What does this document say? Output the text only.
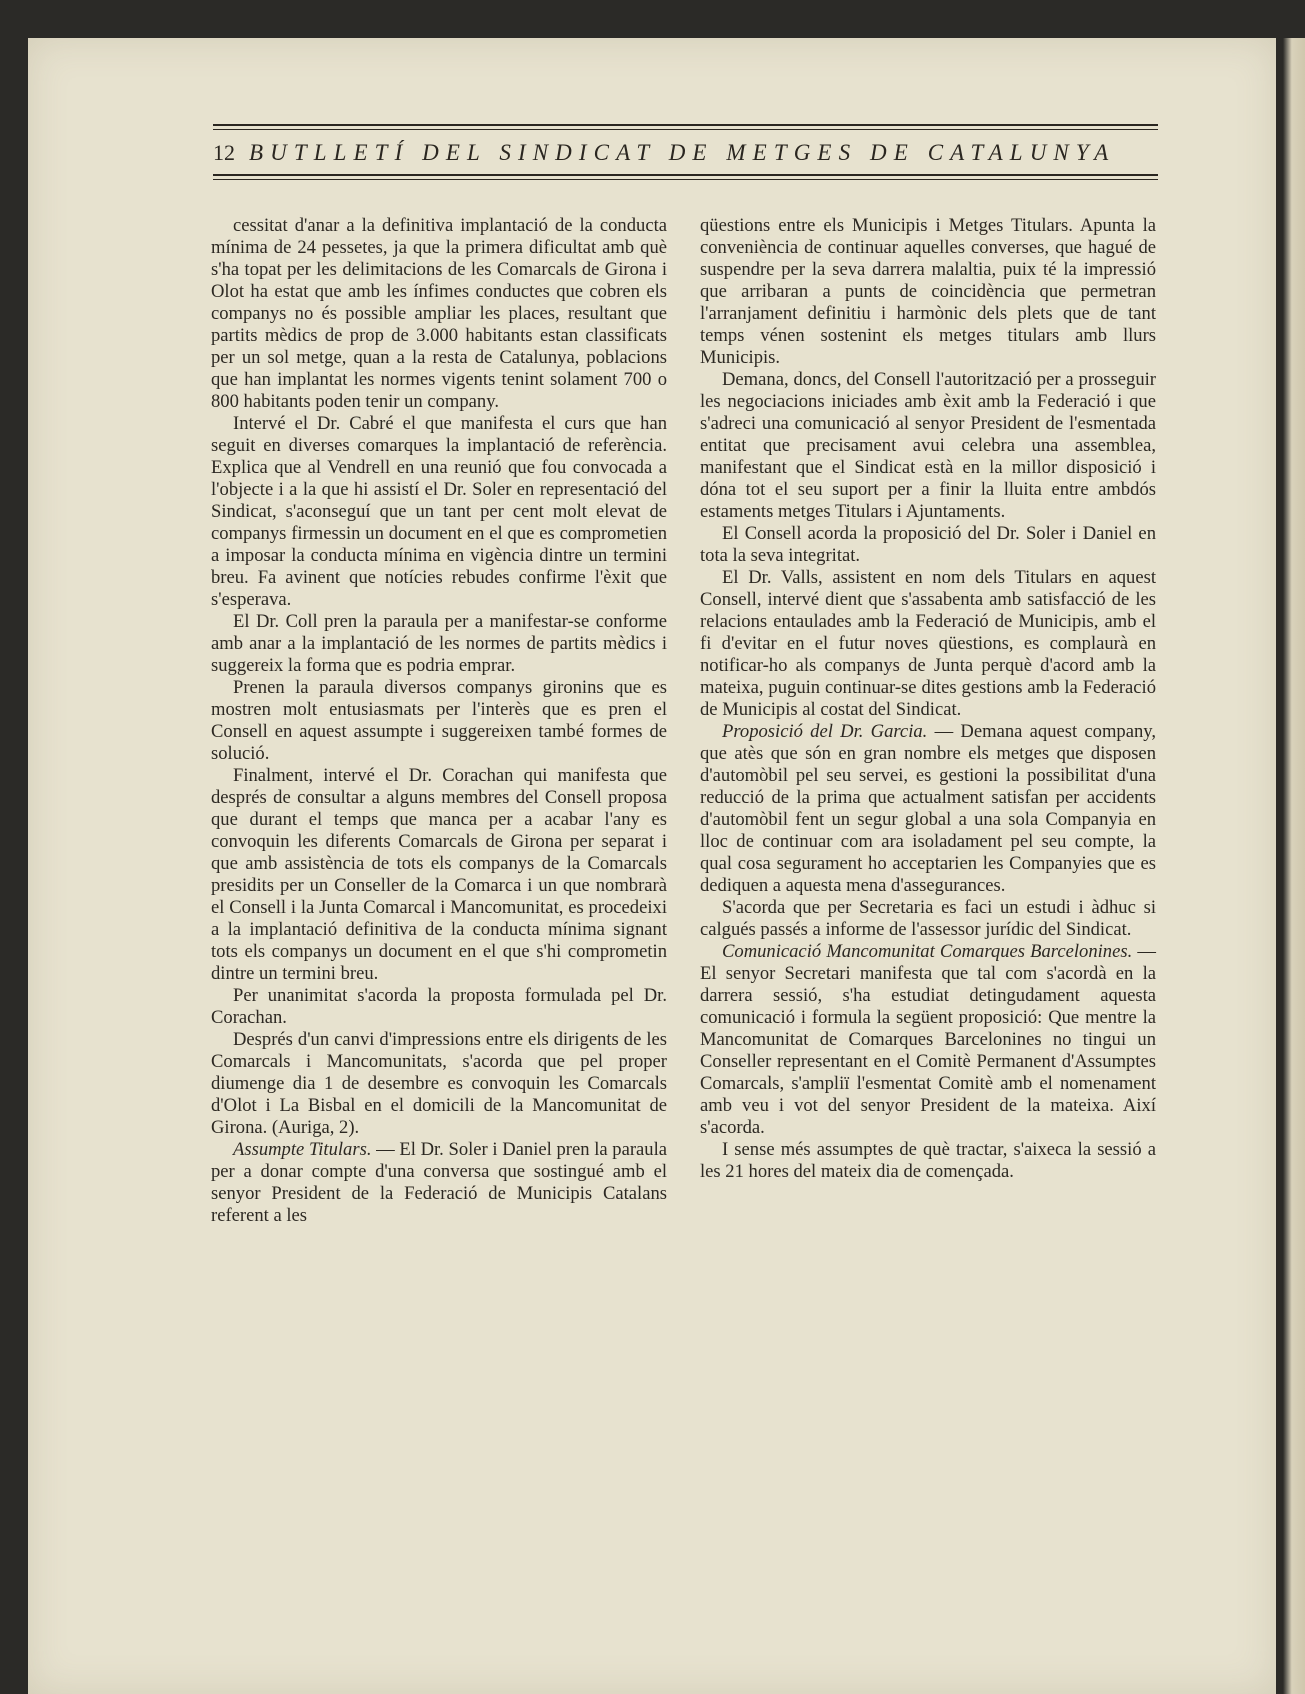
12 BUTLLETÍ DEL SINDICAT DE METGES DE CATALUNYA

cessitat d'anar a la definitiva implantació de la conducta mínima de 24 pessetes, ja que la primera dificultat amb què s'ha topat per les delimitacions de les Comarcals de Girona i Olot ha estat que amb les ínfimes conductes que cobren els companys no és possible ampliar les places, resultant que partits mèdics de prop de 3.000 habitants estan classificats per un sol metge, quan a la resta de Catalunya, poblacions que han implantat les normes vigents tenint solament 700 o 800 habitants poden tenir un company.

Intervé el Dr. Cabré el que manifesta el curs que han seguit en diverses comarques la implantació de referència. Explica que al Vendrell en una reunió que fou convocada a l'objecte i a la que hi assistí el Dr. Soler en representació del Sindicat, s'aconseguí que un tant per cent molt elevat de companys firmessin un document en el que es comprometien a imposar la conducta mínima en vigència dintre un termini breu. Fa avinent que notícies rebudes confirme l'èxit que s'esperava.

El Dr. Coll pren la paraula per a manifestar-se conforme amb anar a la implantació de les normes de partits mèdics i suggereix la forma que es podria emprar.

Prenen la paraula diversos companys gironins que es mostren molt entusiasmats per l'interès que es pren el Consell en aquest assumpte i suggereixen també formes de solució.

Finalment, intervé el Dr. Corachan qui manifesta que després de consultar a alguns membres del Consell proposa que durant el temps que manca per a acabar l'any es convoquin les diferents Comarcals de Girona per separat i que amb assistència de tots els companys de la Comarcals presidits per un Conseller de la Comarca i un que nombrarà el Consell i la Junta Comarcal i Mancomunitat, es procedeixi a la implantació definitiva de la conducta mínima signant tots els companys un document en el que s'hi comprometin dintre un termini breu.

Per unanimitat s'acorda la proposta formulada pel Dr. Corachan.

Després d'un canvi d'impressions entre els dirigents de les Comarcals i Mancomunitats, s'acorda que pel proper diumenge dia 1 de desembre es convoquin les Comarcals d'Olot i La Bisbal en el domicili de la Mancomunitat de Girona. (Auriga, 2).

Assumpte Titulars. — El Dr. Soler i Daniel pren la paraula per a donar compte d'una conversa que sostingué amb el senyor President de la Federació de Municipis Catalans referent a les

qüestions entre els Municipis i Metges Titulars. Apunta la conveniència de continuar aquelles converses, que hagué de suspendre per la seva darrera malaltia, puix té la impressió que arribaran a punts de coincidència que permetran l'arranjament definitiu i harmònic dels plets que de tant temps vénen sostenint els metges titulars amb llurs Municipis.

Demana, doncs, del Consell l'autorització per a prosseguir les negociacions iniciades amb èxit amb la Federació i que s'adreci una comunicació al senyor President de l'esmentada entitat que precisament avui celebra una assemblea, manifestant que el Sindicat està en la millor disposició i dóna tot el seu suport per a finir la lluita entre ambdós estaments metges Titulars i Ajuntaments.

El Consell acorda la proposició del Dr. Soler i Daniel en tota la seva integritat.

El Dr. Valls, assistent en nom dels Titulars en aquest Consell, intervé dient que s'assabenta amb satisfacció de les relacions entaulades amb la Federació de Municipis, amb el fi d'evitar en el futur noves qüestions, es complaurà en notificar-ho als companys de Junta perquè d'acord amb la mateixa, puguin continuar-se dites gestions amb la Federació de Municipis al costat del Sindicat.

Proposició del Dr. Garcia. — Demana aquest company, que atès que són en gran nombre els metges que disposen d'automòbil pel seu servei, es gestioni la possibilitat d'una reducció de la prima que actualment satisfan per accidents d'automòbil fent un segur global a una sola Companyia en lloc de continuar com ara isoladament pel seu compte, la qual cosa segurament ho acceptarien les Companyies que es dediquen a aquesta mena d'assegurances.

S'acorda que per Secretaria es faci un estudi i àdhuc si calgués passés a informe de l'assessor jurídic del Sindicat.

Comunicació Mancomunitat Comarques Barcelonines. — El senyor Secretari manifesta que tal com s'acordà en la darrera sessió, s'ha estudiat detingudament aquesta comunicació i formula la següent proposició: Que mentre la Mancomunitat de Comarques Barcelonines no tingui un Conseller representant en el Comitè Permanent d'Assumptes Comarcals, s'ampliï l'esmentat Comitè amb el nomenament amb veu i vot del senyor President de la mateixa. Així s'acorda.

I sense més assumptes de què tractar, s'aixeca la sessió a les 21 hores del mateix dia de començada.
